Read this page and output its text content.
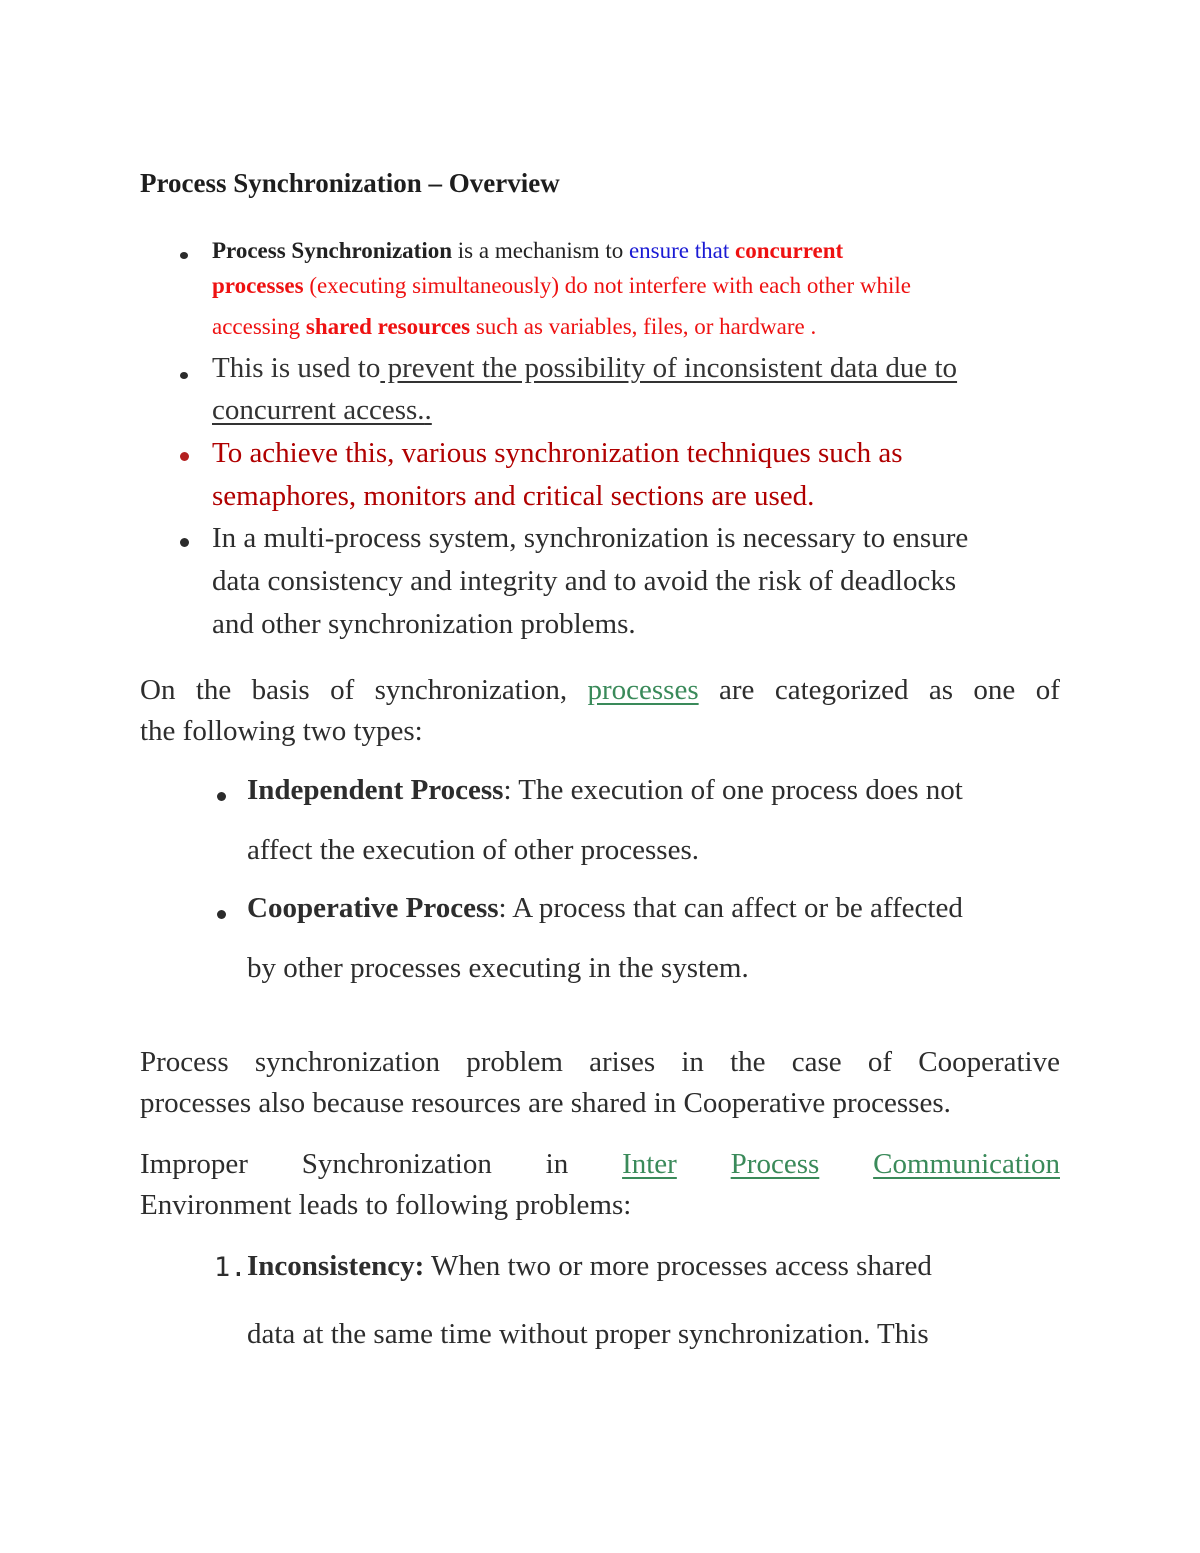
Process Synchronization – Overview
Process Synchronization is a mechanism to ensure that concurrent
processes (executing simultaneously) do not interfere with each other while
accessing shared resources such as variables, files, or hardware .
This is used to prevent the possibility of inconsistent data due to
concurrent access..
To achieve this, various synchronization techniques such as
semaphores, monitors and critical sections are used.
In a multi-process system, synchronization is necessary to ensure
data consistency and integrity and to avoid the risk of deadlocks
and other synchronization problems.
On the basis of synchronization, processes are categorized as one of
the following two types:
Independent Process: The execution of one process does not
affect the execution of other processes.
Cooperative Process: A process that can affect or be affected
by other processes executing in the system.
Process synchronization problem arises in the case of Cooperative
processes also because resources are shared in Cooperative processes.
Improper Synchronization in Inter Process Communication
Environment leads to following problems:
1. Inconsistency: When two or more processes access shared
data at the same time without proper synchronization. This
